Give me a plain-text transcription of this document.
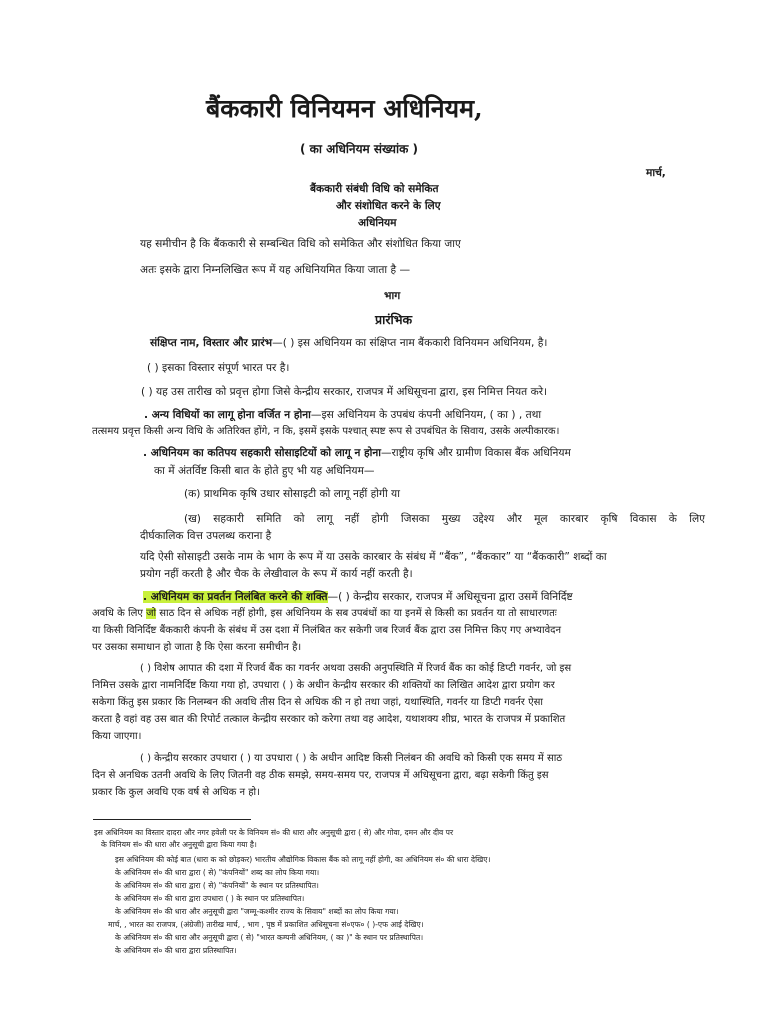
बैंककारी विनियमन अधिनियम,
( का अधिनियम संख्यांक )
मार्च,
बैंककारी संबंधी विधि को समेकित
और संशोधित करने के लिए
अधिनियम
यह समीचीन है कि बैंककारी से सम्बन्धित विधि को समेकित और संशोधित किया जाए
अतः इसके द्वारा निम्नलिखित रूप में यह अधिनियमित किया जाता है —
भाग
प्रारंभिक
संक्षिप्त नाम, विस्तार और प्रारंभ—( ) इस अधिनियम का संक्षिप्त नाम बैंककारी विनियमन अधिनियम, है।
( ) इसका विस्तार संपूर्ण भारत पर है।
( ) यह उस तारीख को प्रवृत्त होगा जिसे केन्द्रीय सरकार, राजपत्र में अधिसूचना द्वारा, इस निमित्त नियत करे।
. अन्य विधियों का लागू होना वर्जित न होना—इस अधिनियम के उपबंध कंपनी अधिनियम, ( का ) , तथा
तत्समय प्रवृत्त किसी अन्य विधि के अतिरिक्त होंगे, न कि, इसमें इसके पश्चात् स्पष्ट रूप से उपबंधित के सिवाय, उसके अल्पीकारक।
. अधिनियम का कतिपय सहकारी सोसाइटियों को लागू न होना—राष्ट्रीय कृषि और ग्रामीण विकास बैंक अधिनियम
का में अंतर्विष्ट किसी बात के होते हुए भी यह अधिनियम—
(क) प्राथमिक कृषि उधार सोसाइटी को लागू नहीं होगी या
(ख) सहकारी समिति को लागू नहीं होगी जिसका मुख्य उद्देश्य और मूल कारबार कृषि विकास के लिए
दीर्घकालिक वित्त उपलब्ध कराना है
यदि ऐसी सोसाइटी उसके नाम के भाग के रूप में या उसके कारबार के संबंध में “बैंक”, “बैंककार” या “बैंककारी” शब्दों का
प्रयोग नहीं करती है और चैक के लेखीवाल के रूप में कार्य नहीं करती है।
. अधिनियम का प्रवर्तन निलंबित करने की शक्ति—( ) केन्द्रीय सरकार, राजपत्र में अधिसूचना द्वारा उसमें विनिर्दिष्ट
अवधि के लिए जो साठ दिन से अधिक नहीं होगी, इस अधिनियम के सब उपबंधों का या इनमें से किसी का प्रवर्तन या तो साधारणतः
या किसी विनिर्दिष्ट बैंककारी कंपनी के संबंध में उस दशा में निलंबित कर सकेगी जब रिजर्व बैंक द्वारा उस निमित्त किए गए अभ्यावेदन
पर उसका समाधान हो जाता है कि ऐसा करना समीचीन है।
( ) विशेष आपात की दशा में रिजर्व बैंक का गवर्नर अथवा उसकी अनुपस्थिति में रिजर्व बैंक का कोई डिप्टी गवर्नर, जो इस
निमित्त उसके द्वारा नामनिर्दिष्ट किया गया हो, उपधारा ( ) के अधीन केन्द्रीय सरकार की शक्तियों का लिखित आदेश द्वारा प्रयोग कर
सकेगा किंतु इस प्रकार कि निलम्बन की अवधि तीस दिन से अधिक की न हो तथा जहां, यथास्थिति, गवर्नर या डिप्टी गवर्नर ऐसा
करता है वहां वह उस बात की रिपोर्ट तत्काल केन्द्रीय सरकार को करेगा तथा वह आदेश, यथाशक्य शीघ्र, भारत के राजपत्र में प्रकाशित
किया जाएगा।
( ) केन्द्रीय सरकार उपधारा ( ) या उपधारा ( ) के अधीन आदिष्ट किसी निलंबन की अवधि को किसी एक समय में साठ
दिन से अनधिक उतनी अवधि के लिए जितनी वह ठीक समझे, समय-समय पर, राजपत्र में अधिसूचना द्वारा, बढ़ा सकेगी किंतु इस
प्रकार कि कुल अवधि एक वर्ष से अधिक न हो।
इस अधिनियम का विस्तार दादरा और नगर हवेली पर के विनियम सं० की धारा और अनुसूची द्वारा ( से) और गोवा, दमन और दीव पर
के विनियम सं० की धारा और अनुसूची द्वारा किया गया है।
इस अधिनियम की कोई बात (धारा क को छोड़कर) भारतीय औद्योगिक विकास बैंक को लागू नहीं होगी, का अधिनियम सं० की धारा देखिए।
के अधिनियम सं० की धारा द्वारा ( से) "कंपनियों" शब्द का लोप किया गया।
के अधिनियम सं० की धारा द्वारा ( से) "कंपनियों" के स्थान पर प्रतिस्थापित।
के अधिनियम सं० की धारा द्वारा उपधारा ( ) के स्थान पर प्रतिस्थापित।
के अधिनियम सं० की धारा और अनुसूची द्वारा "जम्मू-कश्मीर राज्य के सिवाय" शब्दों का लोप किया गया।
मार्च, , भारत का राजपत्र, (अंग्रेजी) तारीख मार्च, , भाग , पृष्ठ में प्रकाशित अधिसूचना सं०एफ० ( )-एफ आई देखिए।
के अधिनियम सं० की धारा और अनुसूची द्वारा ( से) "भारत कम्पनी अधिनियम, ( का )" के स्थान पर प्रतिस्थापित।
के अधिनियम सं० की धारा द्वारा प्रतिस्थापित।
